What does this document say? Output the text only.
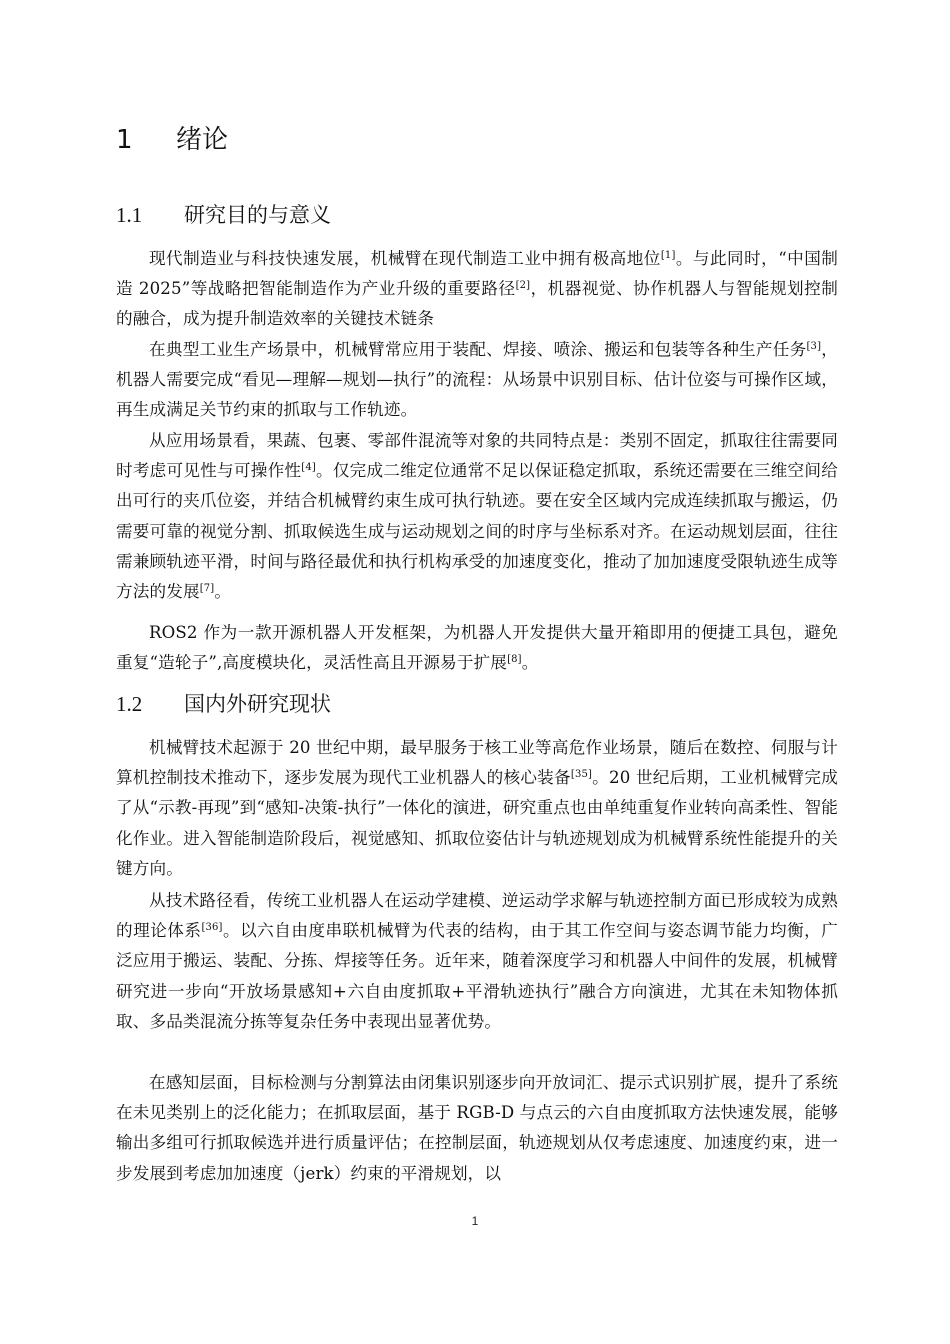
1 绪论
1.1 研究目的与意义

现代制造业与科技快速发展，机械臂在现代制造工业中拥有极高地位[1]。与此同时，“中国制造 2025”等战略把智能制造作为产业升级的重要路径[2]，机器视觉、协作机器人与智能规划控制的融合，成为提升制造效率的关键技术链条

在典型工业生产场景中，机械臂常应用于装配、焊接、喷涂、搬运和包装等各种生产任务[3]，机器人需要完成“看见—理解—规划—执行”的流程：从场景中识别目标、估计位姿与可操作区域，再生成满足关节约束的抓取与工作轨迹。

从应用场景看，果蔬、包裹、零部件混流等对象的共同特点是：类别不固定，抓取往往需要同时考虑可见性与可操作性[4]。仅完成二维定位通常不足以保证稳定抓取，系统还需要在三维空间给出可行的夹爪位姿，并结合机械臂约束生成可执行轨迹。要在安全区域内完成连续抓取与搬运，仍需要可靠的视觉分割、抓取候选生成与运动规划之间的时序与坐标系对齐。在运动规划层面，往往需兼顾轨迹平滑，时间与路径最优和执行机构承受的加速度变化，推动了加加速度受限轨迹生成等方法的发展[7]。

ROS2 作为一款开源机器人开发框架，为机器人开发提供大量开箱即用的便捷工具包，避免重复“造轮子”,高度模块化，灵活性高且开源易于扩展[8]。

1.2 国内外研究现状

机械臂技术起源于 20 世纪中期，最早服务于核工业等高危作业场景，随后在数控、伺服与计算机控制技术推动下，逐步发展为现代工业机器人的核心装备[35]。20 世纪后期，工业机械臂完成了从“示教-再现”到“感知-决策-执行”一体化的演进，研究重点也由单纯重复作业转向高柔性、智能化作业。进入智能制造阶段后，视觉感知、抓取位姿估计与轨迹规划成为机械臂系统性能提升的关键方向。

从技术路径看，传统工业机器人在运动学建模、逆运动学求解与轨迹控制方面已形成较为成熟的理论体系[36]。以六自由度串联机械臂为代表的结构，由于其工作空间与姿态调节能力均衡，广泛应用于搬运、装配、分拣、焊接等任务。近年来，随着深度学习和机器人中间件的发展，机械臂研究进一步向“开放场景感知+六自由度抓取+平滑轨迹执行”融合方向演进，尤其在未知物体抓取、多品类混流分拣等复杂任务中表现出显著优势。

在感知层面，目标检测与分割算法由闭集识别逐步向开放词汇、提示式识别扩展，提升了系统在未见类别上的泛化能力；在抓取层面，基于 RGB-D 与点云的六自由度抓取方法快速发展，能够输出多组可行抓取候选并进行质量评估；在控制层面，轨迹规划从仅考虑速度、加速度约束，进一步发展到考虑加加速度（jerk）约束的平滑规划，以

1
